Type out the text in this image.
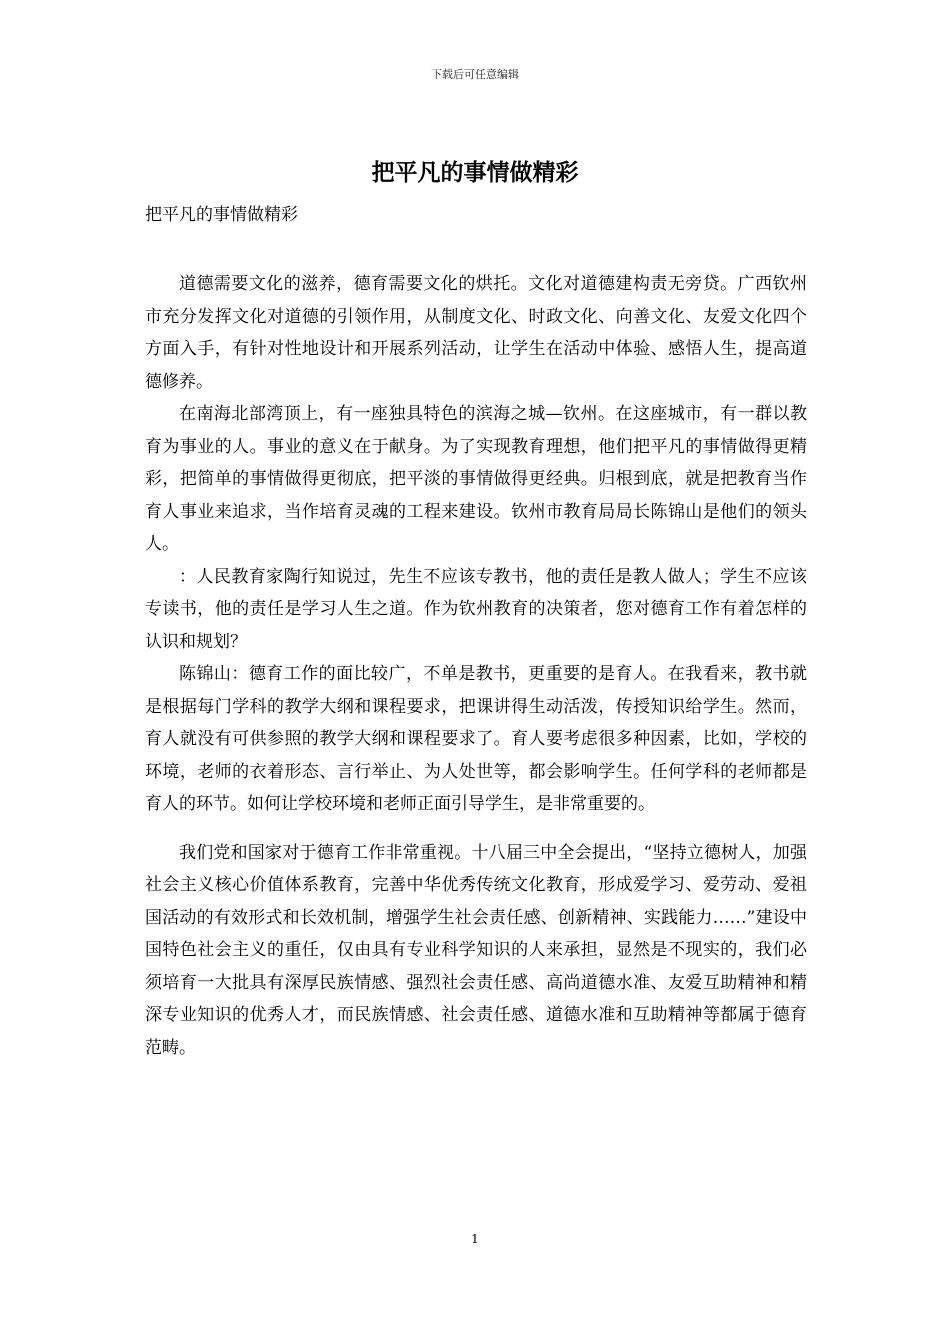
下载后可任意编辑
把平凡的事情做精彩
把平凡的事情做精彩

道德需要文化的滋养，德育需要文化的烘托。文化对道德建构责无旁贷。广西钦州市充分发挥文化对道德的引领作用，从制度文化、时政文化、向善文化、友爱文化四个方面入手，有针对性地设计和开展系列活动，让学生在活动中体验、感悟人生，提高道德修养。

在南海北部湾顶上，有一座独具特色的滨海之城—钦州。在这座城市，有一群以教育为事业的人。事业的意义在于献身。为了实现教育理想，他们把平凡的事情做得更精彩，把简单的事情做得更彻底，把平淡的事情做得更经典。归根到底，就是把教育当作育人事业来追求，当作培育灵魂的工程来建设。钦州市教育局局长陈锦山是他们的领头人。

：人民教育家陶行知说过，先生不应该专教书，他的责任是教人做人；学生不应该专读书，他的责任是学习人生之道。作为钦州教育的决策者，您对德育工作有着怎样的认识和规划？

陈锦山：德育工作的面比较广，不单是教书，更重要的是育人。在我看来，教书就是根据每门学科的教学大纲和课程要求，把课讲得生动活泼，传授知识给学生。然而，育人就没有可供参照的教学大纲和课程要求了。育人要考虑很多种因素，比如，学校的环境，老师的衣着形态、言行举止、为人处世等，都会影响学生。任何学科的老师都是育人的环节。如何让学校环境和老师正面引导学生，是非常重要的。

我们党和国家对于德育工作非常重视。十八届三中全会提出，“坚持立德树人，加强社会主义核心价值体系教育，完善中华优秀传统文化教育，形成爱学习、爱劳动、爱祖国活动的有效形式和长效机制，增强学生社会责任感、创新精神、实践能力……”建设中国特色社会主义的重任，仅由具有专业科学知识的人来承担，显然是不现实的，我们必须培育一大批具有深厚民族情感、强烈社会责任感、高尚道德水准、友爱互助精神和精深专业知识的优秀人才，而民族情感、社会责任感、道德水准和互助精神等都属于德育范畴。

1
